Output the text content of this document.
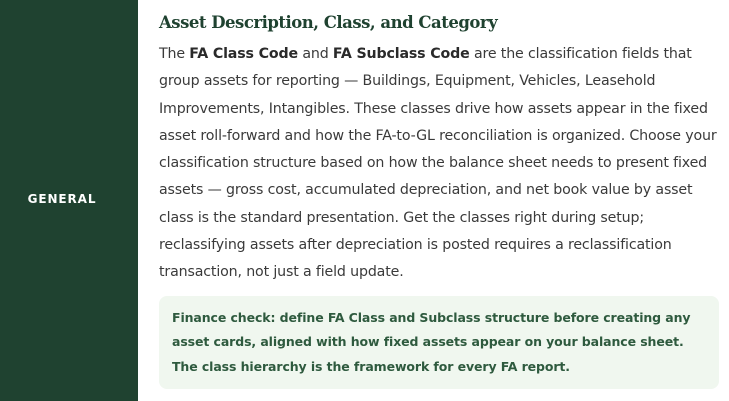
GENERAL
Asset Description, Class, and Category

The FA Class Code and FA Subclass Code are the classification fields that group assets for reporting — Buildings, Equipment, Vehicles, Leasehold Improvements, Intangibles. These classes drive how assets appear in the fixed asset roll-forward and how the FA-to-GL reconciliation is organized. Choose your classification structure based on how the balance sheet needs to present fixed assets — gross cost, accumulated depreciation, and net book value by asset class is the standard presentation. Get the classes right during setup; reclassifying assets after depreciation is posted requires a reclassification transaction, not just a field update.

Finance check: define FA Class and Subclass structure before creating any asset cards, aligned with how fixed assets appear on your balance sheet. The class hierarchy is the framework for every FA report.
